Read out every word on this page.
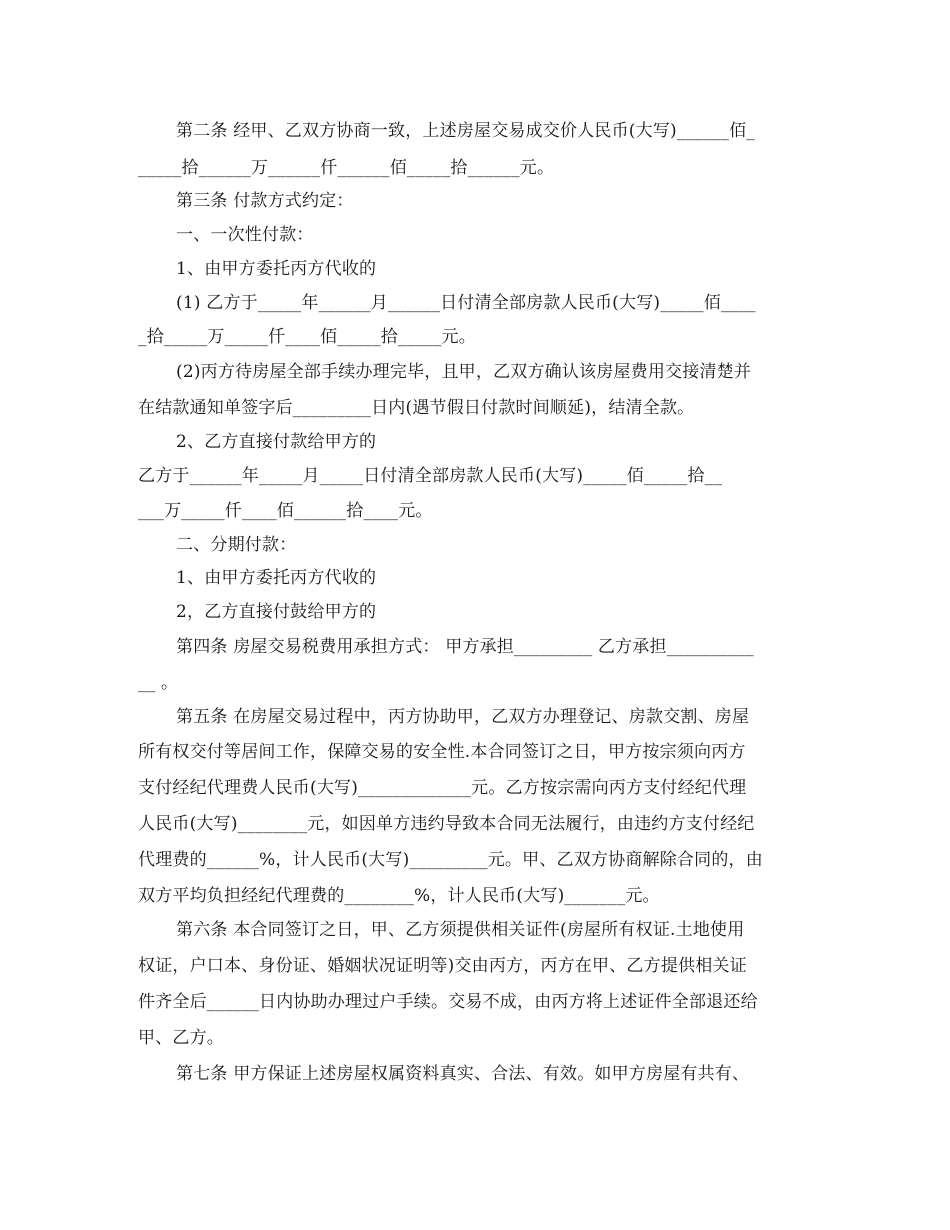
第二条 经甲、乙双方协商一致，上述房屋交易成交价人民币(大写)______佰_
_____拾______万______仟______佰_____拾______元。
第三条 付款方式约定：
一、一次性付款：
1、由甲方委托丙方代收的
(1) 乙方于_____年______月______日付清全部房款人民币(大写)_____佰____
_拾_____万_____仟____佰_____拾_____元。
(2)丙方待房屋全部手续办理完毕，且甲，乙双方确认该房屋费用交接清楚并
在结款通知单签字后_________日内(遇节假日付款时间顺延)，结清全款。
2、乙方直接付款给甲方的
乙方于______年_____月_____日付清全部房款人民币(大写)_____佰_____拾__
___万_____仟____佰______拾____元。
二、分期付款：
1、由甲方委托丙方代收的
2，乙方直接付鼓给甲方的
第四条 房屋交易税费用承担方式： 甲方承担_________ 乙方承担__________
__ 。
第五条 在房屋交易过程中，丙方协助甲，乙双方办理登记、房款交割、房屋
所有权交付等居间工作，保障交易的安全性.本合同签订之日，甲方按宗须向丙方
支付经纪代理费人民币(大写)_____________元。乙方按宗需向丙方支付经纪代理
人民币(大写)________元，如因单方违约导致本合同无法履行，由违约方支付经纪
代理费的______%，计人民币(大写)_________元。甲、乙双方协商解除合同的，由
双方平均负担经纪代理费的________%，计人民币(大写)_______元。
第六条 本合同签订之日，甲、乙方须提供相关证件(房屋所有权证.土地使用
权证，户口本、身份证、婚姻状况证明等)交由丙方，丙方在甲、乙方提供相关证
件齐全后______日内协助办理过户手续。交易不成，由丙方将上述证件全部退还给
甲、乙方。
第七条 甲方保证上述房屋权属资料真实、合法、有效。如甲方房屋有共有、
